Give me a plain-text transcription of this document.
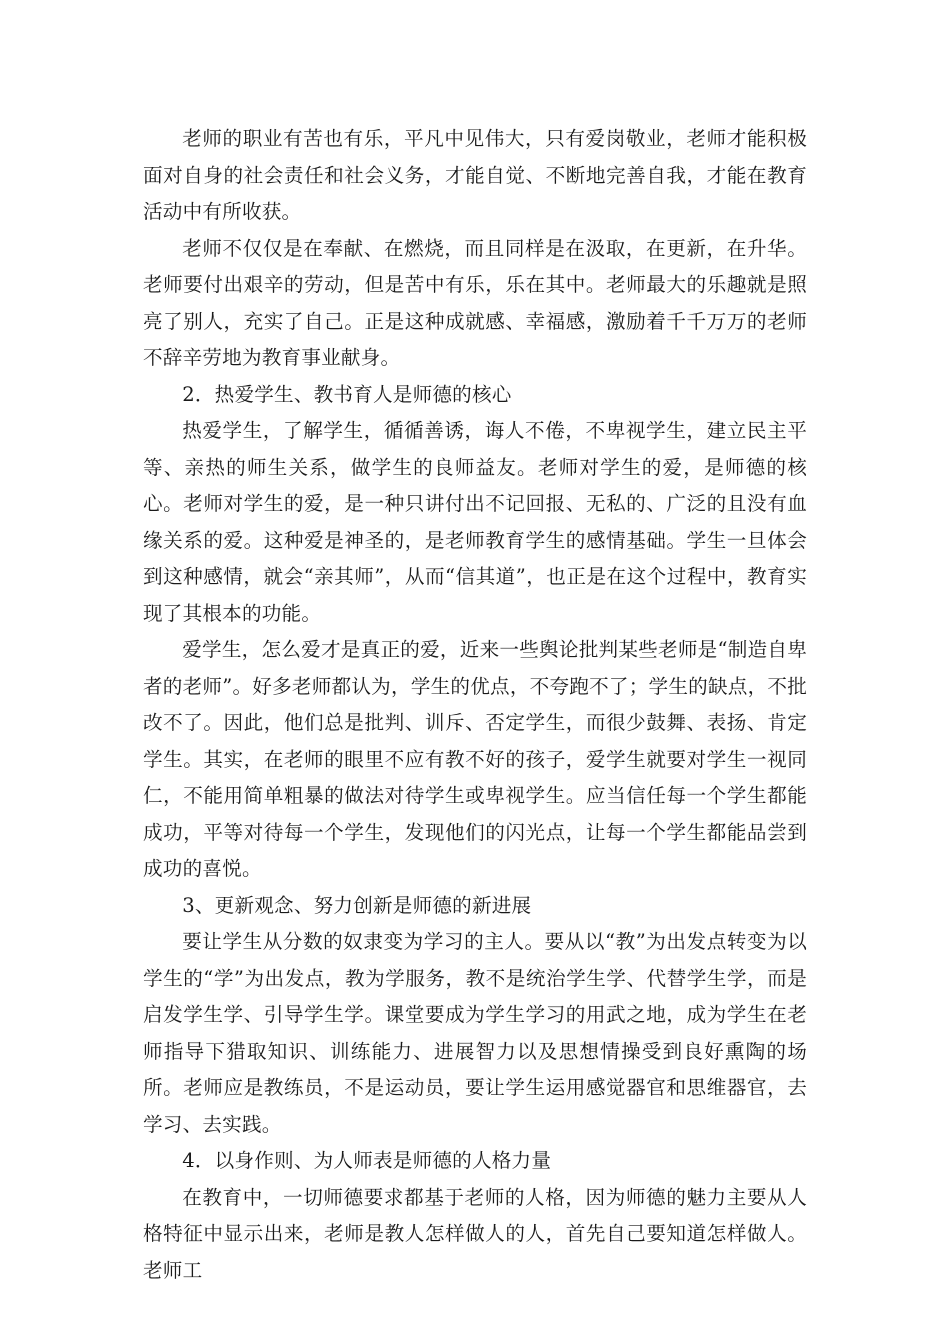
老师的职业有苦也有乐，平凡中见伟大，只有爱岗敬业，老师才能积极面对自身的社会责任和社会义务，才能自觉、不断地完善自我，才能在教育活动中有所收获。

老师不仅仅是在奉献、在燃烧，而且同样是在汲取，在更新，在升华。老师要付出艰辛的劳动，但是苦中有乐，乐在其中。老师最大的乐趣就是照亮了别人，充实了自己。正是这种成就感、幸福感，激励着千千万万的老师不辞辛劳地为教育事业献身。

2．热爱学生、教书育人是师德的核心

热爱学生，了解学生，循循善诱，诲人不倦，不卑视学生，建立民主平等、亲热的师生关系，做学生的良师益友。老师对学生的爱，是师德的核心。老师对学生的爱，是一种只讲付出不记回报、无私的、广泛的且没有血缘关系的爱。这种爱是神圣的，是老师教育学生的感情基础。学生一旦体会到这种感情，就会“亲其师”，从而“信其道”，也正是在这个过程中，教育实现了其根本的功能。

爱学生，怎么爱才是真正的爱，近来一些舆论批判某些老师是“制造自卑者的老师”。好多老师都认为，学生的优点，不夸跑不了；学生的缺点，不批改不了。因此，他们总是批判、训斥、否定学生，而很少鼓舞、表扬、肯定学生。其实，在老师的眼里不应有教不好的孩子，爱学生就要对学生一视同仁，不能用简单粗暴的做法对待学生或卑视学生。应当信任每一个学生都能成功，平等对待每一个学生，发现他们的闪光点，让每一个学生都能品尝到成功的喜悦。

3、更新观念、努力创新是师德的新进展

要让学生从分数的奴隶变为学习的主人。要从以“教”为出发点转变为以学生的“学”为出发点，教为学服务，教不是统治学生学、代替学生学，而是启发学生学、引导学生学。课堂要成为学生学习的用武之地，成为学生在老师指导下猎取知识、训练能力、进展智力以及思想情操受到良好熏陶的场所。老师应是教练员，不是运动员，要让学生运用感觉器官和思维器官，去学习、去实践。

4．以身作则、为人师表是师德的人格力量

在教育中，一切师德要求都基于老师的人格，因为师德的魅力主要从人格特征中显示出来，老师是教人怎样做人的人，首先自己要知道怎样做人。老师工
